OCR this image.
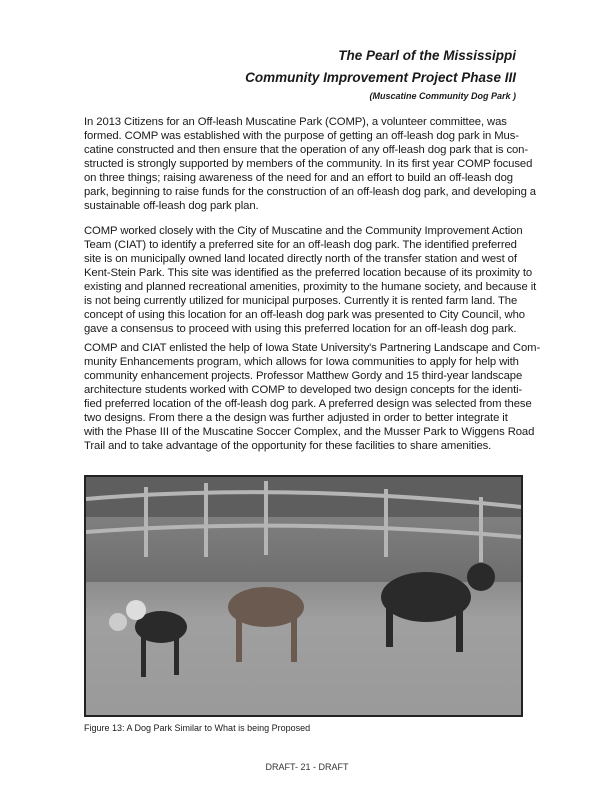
The Pearl of the Mississippi
Community Improvement Project Phase III
(Muscatine Community Dog Park )
In 2013 Citizens for an Off-leash Muscatine Park (COMP), a volunteer committee, was
formed. COMP was established with the purpose of getting an off-leash dog park in Mus-
catine constructed and then ensure that the operation of any off-leash dog park that is con-
structed is strongly supported by members of the community. In its first year COMP focused
on three things; raising awareness of the need for and an effort to build an off-leash dog
park, beginning to raise funds for the construction of an off-leash dog park, and developing a
sustainable off-leash dog park plan.
COMP worked closely with the City of Muscatine and the Community Improvement Action
Team (CIAT) to identify a preferred site for an off-leash dog park. The identified preferred
site is on municipally owned land located directly north of the transfer station and west of
Kent-Stein Park. This site was identified as the preferred location because of its proximity to
existing and planned recreational amenities, proximity to the humane society, and because it
is not being currently utilized for municipal purposes. Currently it is rented farm land. The
concept of using this location for an off-leash dog park was presented to City Council, who
gave a consensus to proceed with using this preferred location for an off-leash dog park.
COMP and CIAT enlisted the help of Iowa State University's Partnering Landscape and Com-
munity Enhancements program, which allows for Iowa communities to apply for help with
community enhancement projects. Professor Matthew Gordy and 15 third-year landscape
architecture students worked with COMP to developed two design concepts for the identi-
fied preferred location of the off-leash dog park. A preferred design was selected from these
two designs. From there a the design was further adjusted in order to better integrate it
with the Phase III of the Muscatine Soccer Complex, and the Musser Park to Wiggens Road
Trail and to take advantage of the opportunity for these facilities to share amenities.
Figure 13: A Dog Park Similar to What is being Proposed
DRAFT- 21 - DRAFT
